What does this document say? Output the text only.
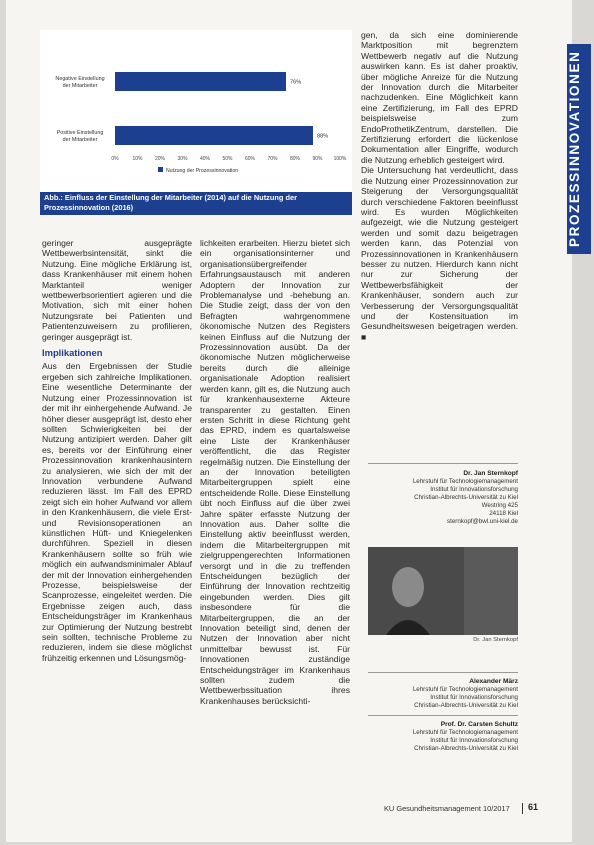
PROZESSINNOVATIONEN
Negative Einstellung
der Mitarbeiter
76%
Positive Einstellung
der Mitarbeiter
88%
0%	10% 20% 30% 40% 50% 60% 70% 80% 90% 100%
Nutzung der Prozessinnovation
Abb.: Einfluss der Einstellung der Mitarbeiter (2014) auf die Nutzung der Prozessinnovation (2016)

geringer ausgeprägte Wettbewerbsintensität, sinkt die Nutzung. Eine mögliche Erklärung ist, dass Krankenhäuser mit einem hohen Marktanteil weniger wettbewerbsorientiert agieren und die Motivation, sich mit einer hohen Nutzungsrate bei Patienten und Patientenzuweisern zu profilieren, geringer ausgeprägt ist.

Implikationen

Aus den Ergebnissen der Studie ergeben sich zahlreiche Implikationen. Eine wesentliche Determinante der Nutzung einer Prozessinnovation ist der mit ihr einhergehende Aufwand. Je höher dieser ausgeprägt ist, desto eher sollten Schwierigkeiten bei der Nutzung antizipiert werden. Daher gilt es, bereits vor der Einführung einer Prozessinnovation krankenhausintern zu analysieren, wie sich der mit der Innovation verbundene Aufwand reduzieren lässt. Im Fall des EPRD zeigt sich ein hoher Aufwand vor allem in den Krankenhäusern, die viele Erst- und Revisionsoperationen an künstlichen Hüft- und Kniegelenken durchführen. Speziell in diesen Krankenhäusern sollte so früh wie möglich ein aufwandsminimaler Ablauf der mit der Innovation einhergehenden Prozesse, beispielsweise der Scanprozesse, eingeleitet werden. Die Ergebnisse zeigen auch, dass Entscheidungsträger im Krankenhaus zur Optimierung der Nutzung bestrebt sein sollten, technische Probleme zu reduzieren, indem sie diese möglichst frühzeitig erkennen und Lösungsmög-

lichkeiten erarbeiten. Hierzu bietet sich ein organisationsinterner und organisationsübergreifender Erfahrungsaustausch mit anderen Adoptern der Innovation zur Problemanalyse und -behebung an. Die Studie zeigt, dass der von den Befragten wahrgenommene ökonomische Nutzen des Registers keinen Einfluss auf die Nutzung der Prozessinnovation ausübt. Da der ökonomische Nutzen möglicherweise bereits durch die alleinige organisationale Adoption realisiert werden kann, gilt es, die Nutzung auch für krankenhausexterne Akteure transparenter zu gestalten. Einen ersten Schritt in diese Richtung geht das EPRD, indem es quartalsweise eine Liste der Krankenhäuser veröffentlicht, die das Register regelmäßig nutzen. Die Einstellung der an der Innovation beteiligten Mitarbeitergruppen spielt eine entscheidende Rolle. Diese Einstellung übt noch Einfluss auf die über zwei Jahre später erfasste Nutzung der Innovation aus. Daher sollte die Einstellung aktiv beeinflusst werden, indem die Mitarbeitergruppen mit zielgruppengerechten Informationen versorgt und in die zu treffenden Entscheidungen bezüglich der Einführung der Innovation rechtzeitig eingebunden werden. Dies gilt insbesondere für die Mitarbeitergruppen, die an der Innovation beteiligt sind, denen der Nutzen der Innovation aber nicht unmittelbar bewusst ist. Für Innovationen zuständige Entscheidungsträger im Krankenhaus sollten zudem die Wettbewerbssituation ihres Krankenhauses berücksichti-

gen, da sich eine dominierende Marktposition mit begrenztem Wettbewerb negativ auf die Nutzung auswirken kann. Es ist daher proaktiv, über mögliche Anreize für die Nutzung der Innovation durch die Mitarbeiter nachzudenken. Eine Möglichkeit kann eine Zertifizierung, im Fall des EPRD beispielsweise zum EndoProthetikZentrum, darstellen. Die Zertifizierung erfordert die lückenlose Dokumentation aller Eingriffe, wodurch die Nutzung erheblich gesteigert wird.

Die Untersuchung hat verdeutlicht, dass die Nutzung einer Prozessinnovation zur Steigerung der Versorgungsqualität durch verschiedene Faktoren beeinflusst wird. Es wurden Möglichkeiten aufgezeigt, wie die Nutzung gesteigert werden und somit dazu beigetragen werden kann, das Potenzial von Prozessinnovationen in Krankenhäusern besser zu nutzen. Hierdurch kann nicht nur zur Sicherung der Wettbewerbsfähigkeit der Krankenhäuser, sondern auch zur Verbesserung der Versorgungsqualität und der Kostensituation im Gesundheitswesen beigetragen werden. ■

Dr. Jan Sternkopf
Lehrstuhl für Technologiemanagement
Institut für Innovationsforschung
Christian-Albrechts-Universität zu Kiel
Westring 425
24118 Kiel
sternkopf@bwl.uni-kiel.de
Dr. Jan Sternkopf
Alexander März
Lehrstuhl für Technologiemanagement
Institut für Innovationsforschung
Christian-Albrechts-Universität zu Kiel
Prof. Dr. Carsten Schultz
Lehrstuhl für Technologiemanagement
Institut für Innovationsforschung
Christian-Albrechts-Universität zu Kiel
KU Gesundheitsmanagement 10/2017 61
